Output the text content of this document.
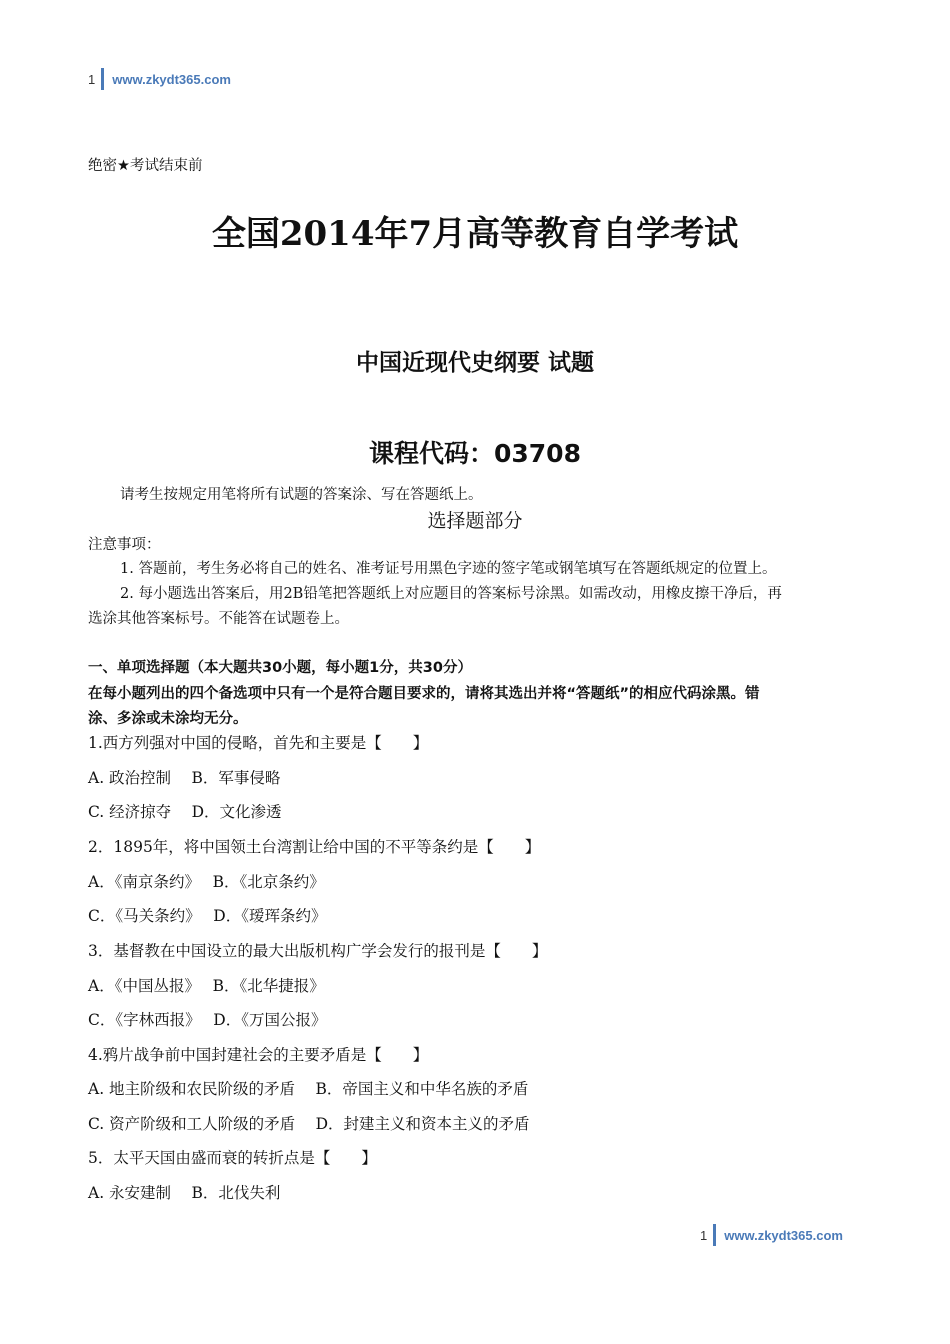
1 www.zkydt365.com
绝密★考试结束前
全国2014年7月高等教育自学考试
中国近现代史纲要 试题
课程代码：03708
请考生按规定用笔将所有试题的答案涂、写在答题纸上。
选择题部分
注意事项：
1. 答题前，考生务必将自己的姓名、准考证号用黑色字迹的签字笔或钢笔填写在答题纸规定的位置上。
2. 每小题选出答案后，用2B铅笔把答题纸上对应题目的答案标号涂黑。如需改动，用橡皮擦干净后，再
选涂其他答案标号。不能答在试题卷上。
一、单项选择题（本大题共30小题，每小题1分，共30分）
在每小题列出的四个备选项中只有一个是符合题目要求的，请将其选出并将“答题纸”的相应代码涂黑。错
涂、多涂或未涂均无分。
1.西方列强对中国的侵略，首先和主要是【　　】
A. 政治控制　 B．军事侵略
C. 经济掠夺　 D．文化渗透
2．1895年，将中国领土台湾割让给中国的不平等条约是【　　】
A．《南京条约》　 B．《北京条约》
C．《马关条约》　 D．《瑷珲条约》
3．基督教在中国设立的最大出版机构广学会发行的报刊是【　　】
A．《中国丛报》　 B．《北华捷报》
C．《字林西报》　 D．《万国公报》
4.鸦片战争前中国封建社会的主要矛盾是【　　】
A. 地主阶级和农民阶级的矛盾　 B．帝国主义和中华名族的矛盾
C. 资产阶级和工人阶级的矛盾　 D．封建主义和资本主义的矛盾
5．太平天国由盛而衰的转折点是【　　】
A. 永安建制　 B．北伐失利
1 www.zkydt365.com
